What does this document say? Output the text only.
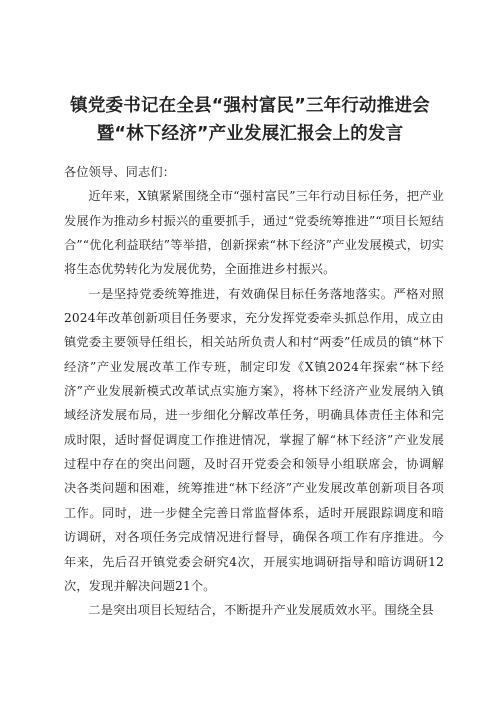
镇党委书记在全县“强村富民”三年行动推进会
暨“林下经济”产业发展汇报会上的发言

各位领导、同志们：

近年来，X镇紧紧围绕全市“强村富民”三年行动目标任务，把产业发展作为推动乡村振兴的重要抓手，通过“党委统筹推进”“项目长短结合”“优化利益联结”等举措，创新探索“林下经济”产业发展模式，切实将生态优势转化为发展优势，全面推进乡村振兴。

一是坚持党委统筹推进，有效确保目标任务落地落实。严格对照2024年改革创新项目任务要求，充分发挥党委牵头抓总作用，成立由镇党委主要领导任组长，相关站所负责人和村“两委”任成员的镇“林下经济”产业发展改革工作专班，制定印发《X镇2024年探索“林下经济”产业发展新模式改革试点实施方案》，将林下经济产业发展纳入镇域经济发展布局，进一步细化分解改革任务，明确具体责任主体和完成时限，适时督促调度工作推进情况，掌握了解“林下经济”产业发展过程中存在的突出问题，及时召开党委会和领导小组联席会，协调解决各类问题和困难，统筹推进“林下经济”产业发展改革创新项目各项工作。同时，进一步健全完善日常监督体系，适时开展跟踪调度和暗访调研，对各项任务完成情况进行督导，确保各项工作有序推进。今年来，先后召开镇党委会研究4次，开展实地调研指导和暗访调研12次，发现并解决问题21个。

二是突出项目长短结合，不断提升产业发展质效水平。围绕全县
